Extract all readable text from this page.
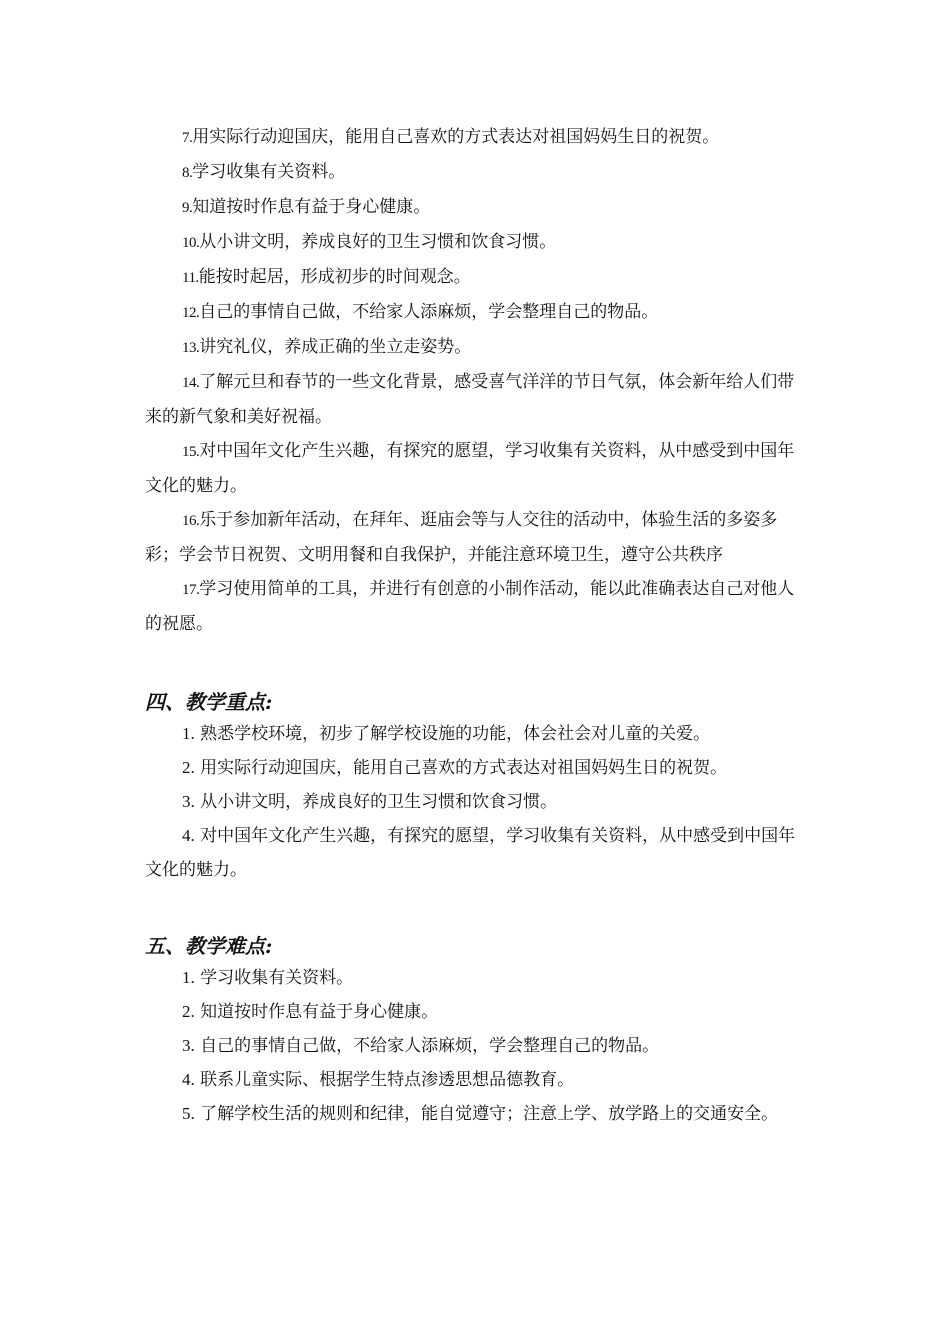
7.用实际行动迎国庆，能用自己喜欢的方式表达对祖国妈妈生日的祝贺。

8.学习收集有关资料。

9.知道按时作息有益于身心健康。

10.从小讲文明，养成良好的卫生习惯和饮食习惯。

11.能按时起居，形成初步的时间观念。

12.自己的事情自己做，不给家人添麻烦，学会整理自己的物品。

13.讲究礼仪，养成正确的坐立走姿势。

14.了解元旦和春节的一些文化背景，感受喜气洋洋的节日气氛，体会新年给人们带来的新气象和美好祝福。

15.对中国年文化产生兴趣，有探究的愿望，学习收集有关资料，从中感受到中国年文化的魅力。

16.乐于参加新年活动，在拜年、逛庙会等与人交往的活动中，体验生活的多姿多彩；学会节日祝贺、文明用餐和自我保护，并能注意环境卫生，遵守公共秩序

17.学习使用简单的工具，并进行有创意的小制作活动，能以此准确表达自己对他人的祝愿。

四、教学重点:

1. 熟悉学校环境，初步了解学校设施的功能，体会社会对儿童的关爱。

2. 用实际行动迎国庆，能用自己喜欢的方式表达对祖国妈妈生日的祝贺。

3. 从小讲文明，养成良好的卫生习惯和饮食习惯。

4. 对中国年文化产生兴趣，有探究的愿望，学习收集有关资料，从中感受到中国年文化的魅力。

五、教学难点:

1. 学习收集有关资料。

2. 知道按时作息有益于身心健康。

3. 自己的事情自己做，不给家人添麻烦，学会整理自己的物品。

4. 联系儿童实际、根据学生特点渗透思想品德教育。

5. 了解学校生活的规则和纪律，能自觉遵守；注意上学、放学路上的交通安全。
